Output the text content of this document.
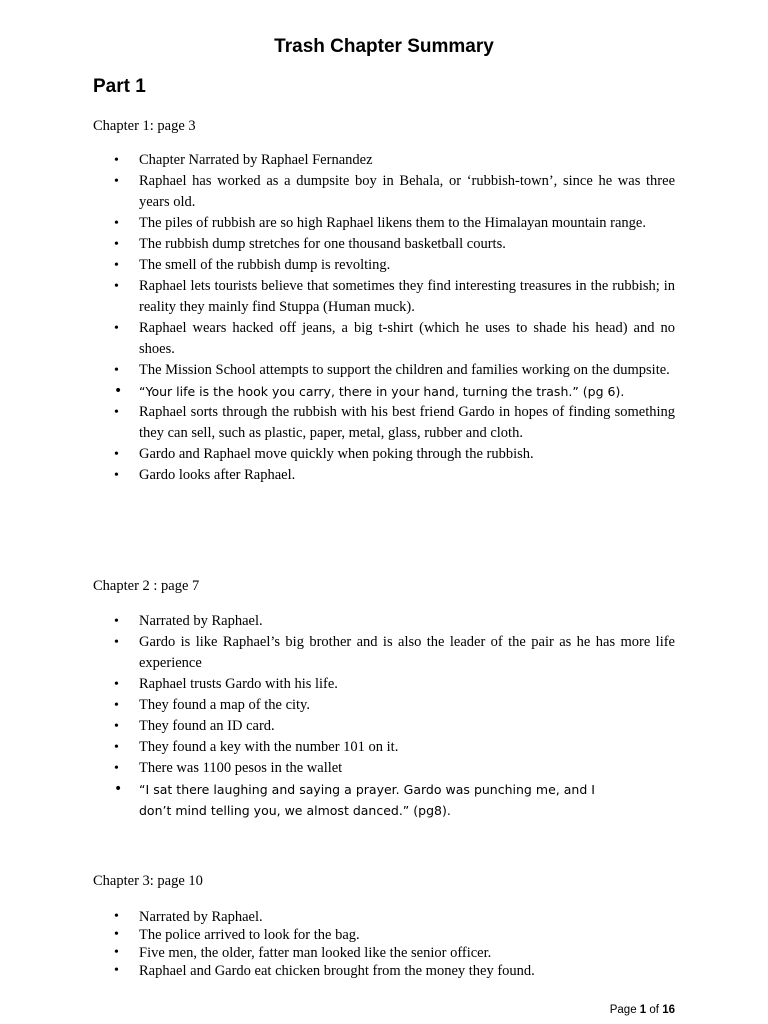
Trash Chapter Summary
Part 1

Chapter 1: page 3

• Chapter Narrated by Raphael Fernandez
• Raphael has worked as a dumpsite boy in Behala, or ‘rubbish-town’, since he was three years old.
• The piles of rubbish are so high Raphael likens them to the Himalayan mountain range.
• The rubbish dump stretches for one thousand basketball courts.
• The smell of the rubbish dump is revolting.
• Raphael lets tourists believe that sometimes they find interesting treasures in the rubbish; in reality they mainly find Stuppa (Human muck).
• Raphael wears hacked off jeans, a big t-shirt (which he uses to shade his head) and no shoes.
• The Mission School attempts to support the children and families working on the dumpsite.
• “Your life is the hook you carry, there in your hand, turning the trash.” (pg 6).
• Raphael sorts through the rubbish with his best friend Gardo in hopes of finding something they can sell, such as plastic, paper, metal, glass, rubber and cloth.
• Gardo and Raphael move quickly when poking through the rubbish.
• Gardo looks after Raphael.

Chapter 2 : page 7

• Narrated by Raphael.
• Gardo is like Raphael’s big brother and is also the leader of the pair as he has more life experience
• Raphael trusts Gardo with his life.
• They found a map of the city.
• They found an ID card.
• They found a key with the number 101 on it.
• There was 1100 pesos in the wallet
• “I sat there laughing and saying a prayer. Gardo was punching me, and I don’t mind telling you, we almost danced.” (pg8).

Chapter 3: page 10

• Narrated by Raphael.
• The police arrived to look for the bag.
• Five men, the older, fatter man looked like the senior officer.
• Raphael and Gardo eat chicken brought from the money they found.
Page 1 of 16
